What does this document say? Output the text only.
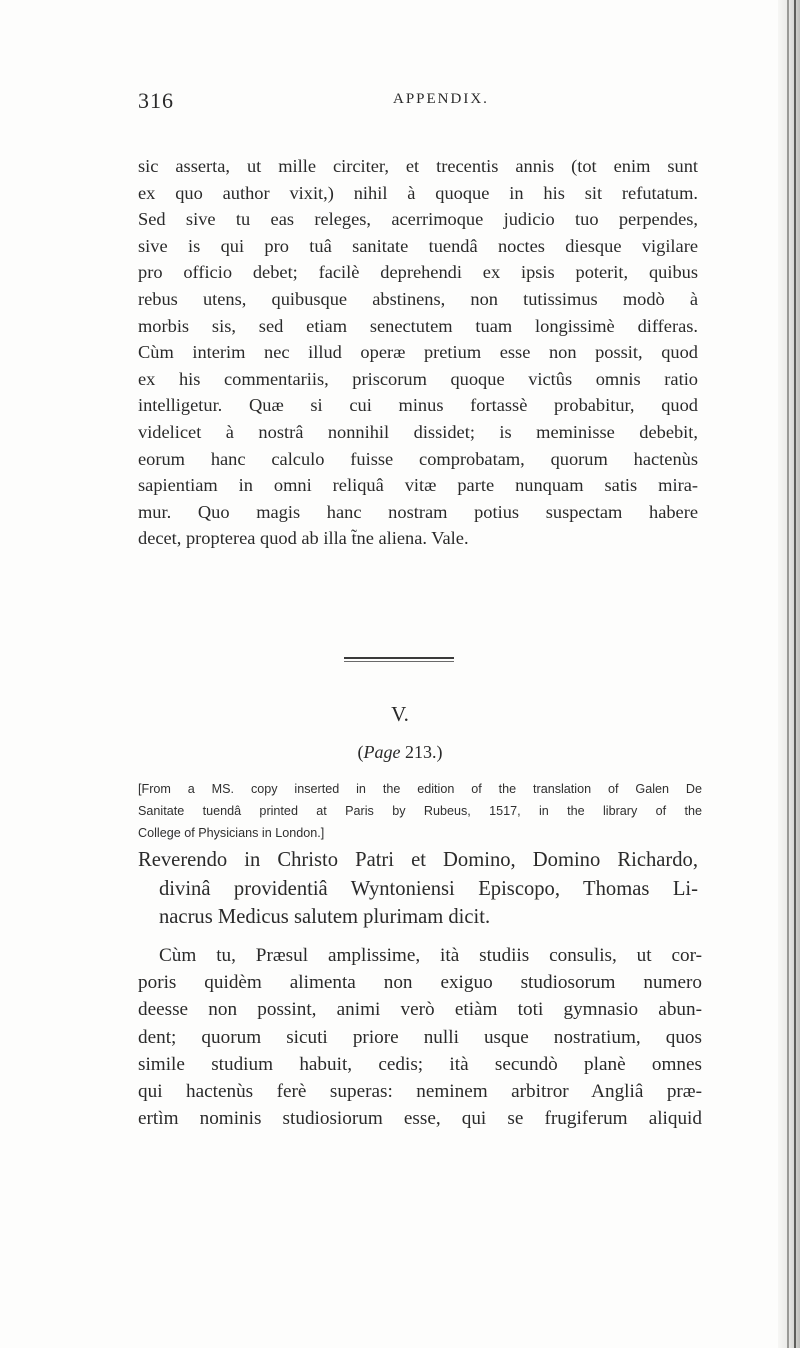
316	APPENDIX.

sic asserta, ut mille circiter, et trecentis annis (tot enim sunt
ex quo author vixit,) nihil à quoque in his sit refutatum.
Sed sive tu eas releges, acerrimoque judicio tuo perpendes,
sive is qui pro tuâ sanitate tuendâ noctes diesque vigilare
pro officio debet; facilè deprehendi ex ipsis poterit, quibus
rebus utens, quibusque abstinens, non tutissimus modò à
morbis sis, sed etiam senectutem tuam longissimè differas.
Cùm interim nec illud operæ pretium esse non possit, quod
ex his commentariis, priscorum quoque victûs omnis ratio
intelligetur. Quæ si cui minus fortassè probabitur, quod
videlicet à nostrâ nonnihil dissidet; is meminisse debebit,
eorum hanc calculo fuisse comprobatam, quorum hactenùs
sapientiam in omni reliquâ vitæ parte nunquam satis mira-
mur. Quo magis hanc nostram potius suspectam habere
decet, propterea quod ab illa t̃ne aliena. Vale.

V.
(Page 213.)
[From a MS. copy inserted in the edition of the translation of Galen De
Sanitate tuendâ printed at Paris by Rubeus, 1517, in the library of the
College of Physicians in London.]
Reverendo in Christo Patri et Domino, Domino Richardo,
divinâ providentiâ Wyntoniensi Episcopo, Thomas Li-
nacrus Medicus salutem plurimam dicit.
Cùm tu, Præsul amplissime, ità studiis consulis, ut cor-
poris quidèm alimenta non exiguo studiosorum numero
deesse non possint, animi verò etiàm toti gymnasio abun-
dent; quorum sicuti priore nulli usque nostratium, quos
simile studium habuit, cedis; ità secundò planè omnes
qui hactenùs ferè superas: neminem arbitror Angliâ præ-
ertìm nominis studiosiorum esse, qui se frugiferum aliquid
